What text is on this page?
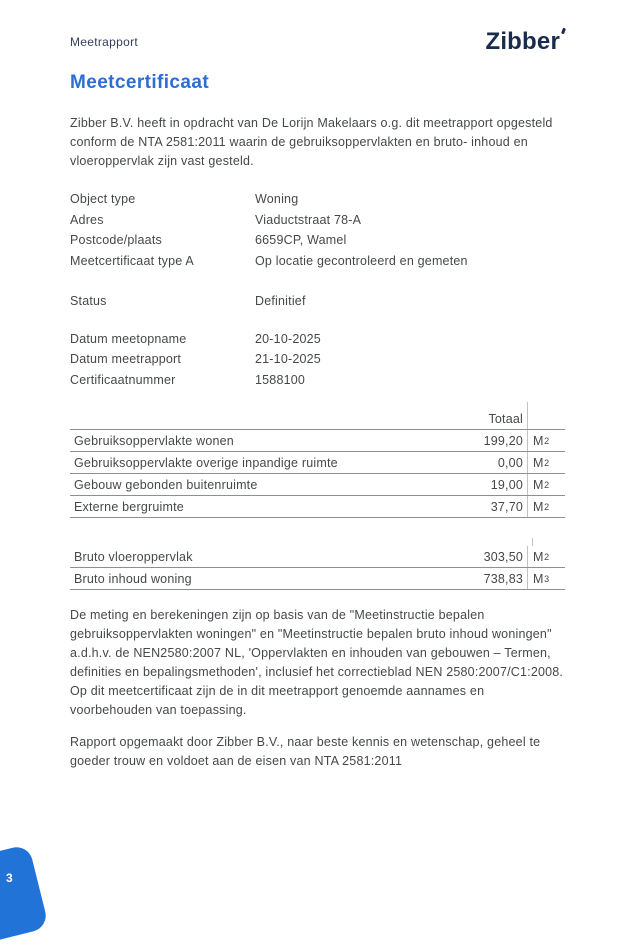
Meetrapport	Zibber
Meetcertificaat

Zibber B.V. heeft in opdracht van De Lorijn Makelaars o.g. dit meetrapport opgesteld conform de NTA 2581:2011 waarin de gebruiksoppervlakten en bruto- inhoud en vloeroppervlak zijn vast gesteld.

Object type	Woning
Adres	Viaductstraat 78-A
Postcode/plaats	6659CP, Wamel
Meetcertificaat type A	Op locatie gecontroleerd en gemeten
Status	Definitief
Datum meetopname	20-10-2025
Datum meetrapport	21-10-2025
Certificaatnummer	1588100
Totaal
Gebruiksoppervlakte wonen	199,20 M 2
Gebruiksoppervlakte overige inpandige ruimte	0,00 M 2
Gebouw gebonden buitenruimte	19,00 M 2
Externe bergruimte	37,70 M 2
Bruto vloeroppervlak	303,50 M 2
Bruto inhoud woning	738,83 M 3

De meting en berekeningen zijn op basis van de "Meetinstructie bepalen gebruiksoppervlakten woningen" en "Meetinstructie bepalen bruto inhoud woningen" a.d.h.v. de NEN2580:2007 NL, 'Oppervlakten en inhouden van gebouwen – Termen, definities en bepalingsmethoden', inclusief het correctieblad NEN 2580:2007/C1:2008. Op dit meetcertificaat zijn de in dit meetrapport genoemde aannames en voorbehouden van toepassing.

Rapport opgemaakt door Zibber B.V., naar beste kennis en wetenschap, geheel te goeder trouw en voldoet aan de eisen van NTA 2581:2011

3
